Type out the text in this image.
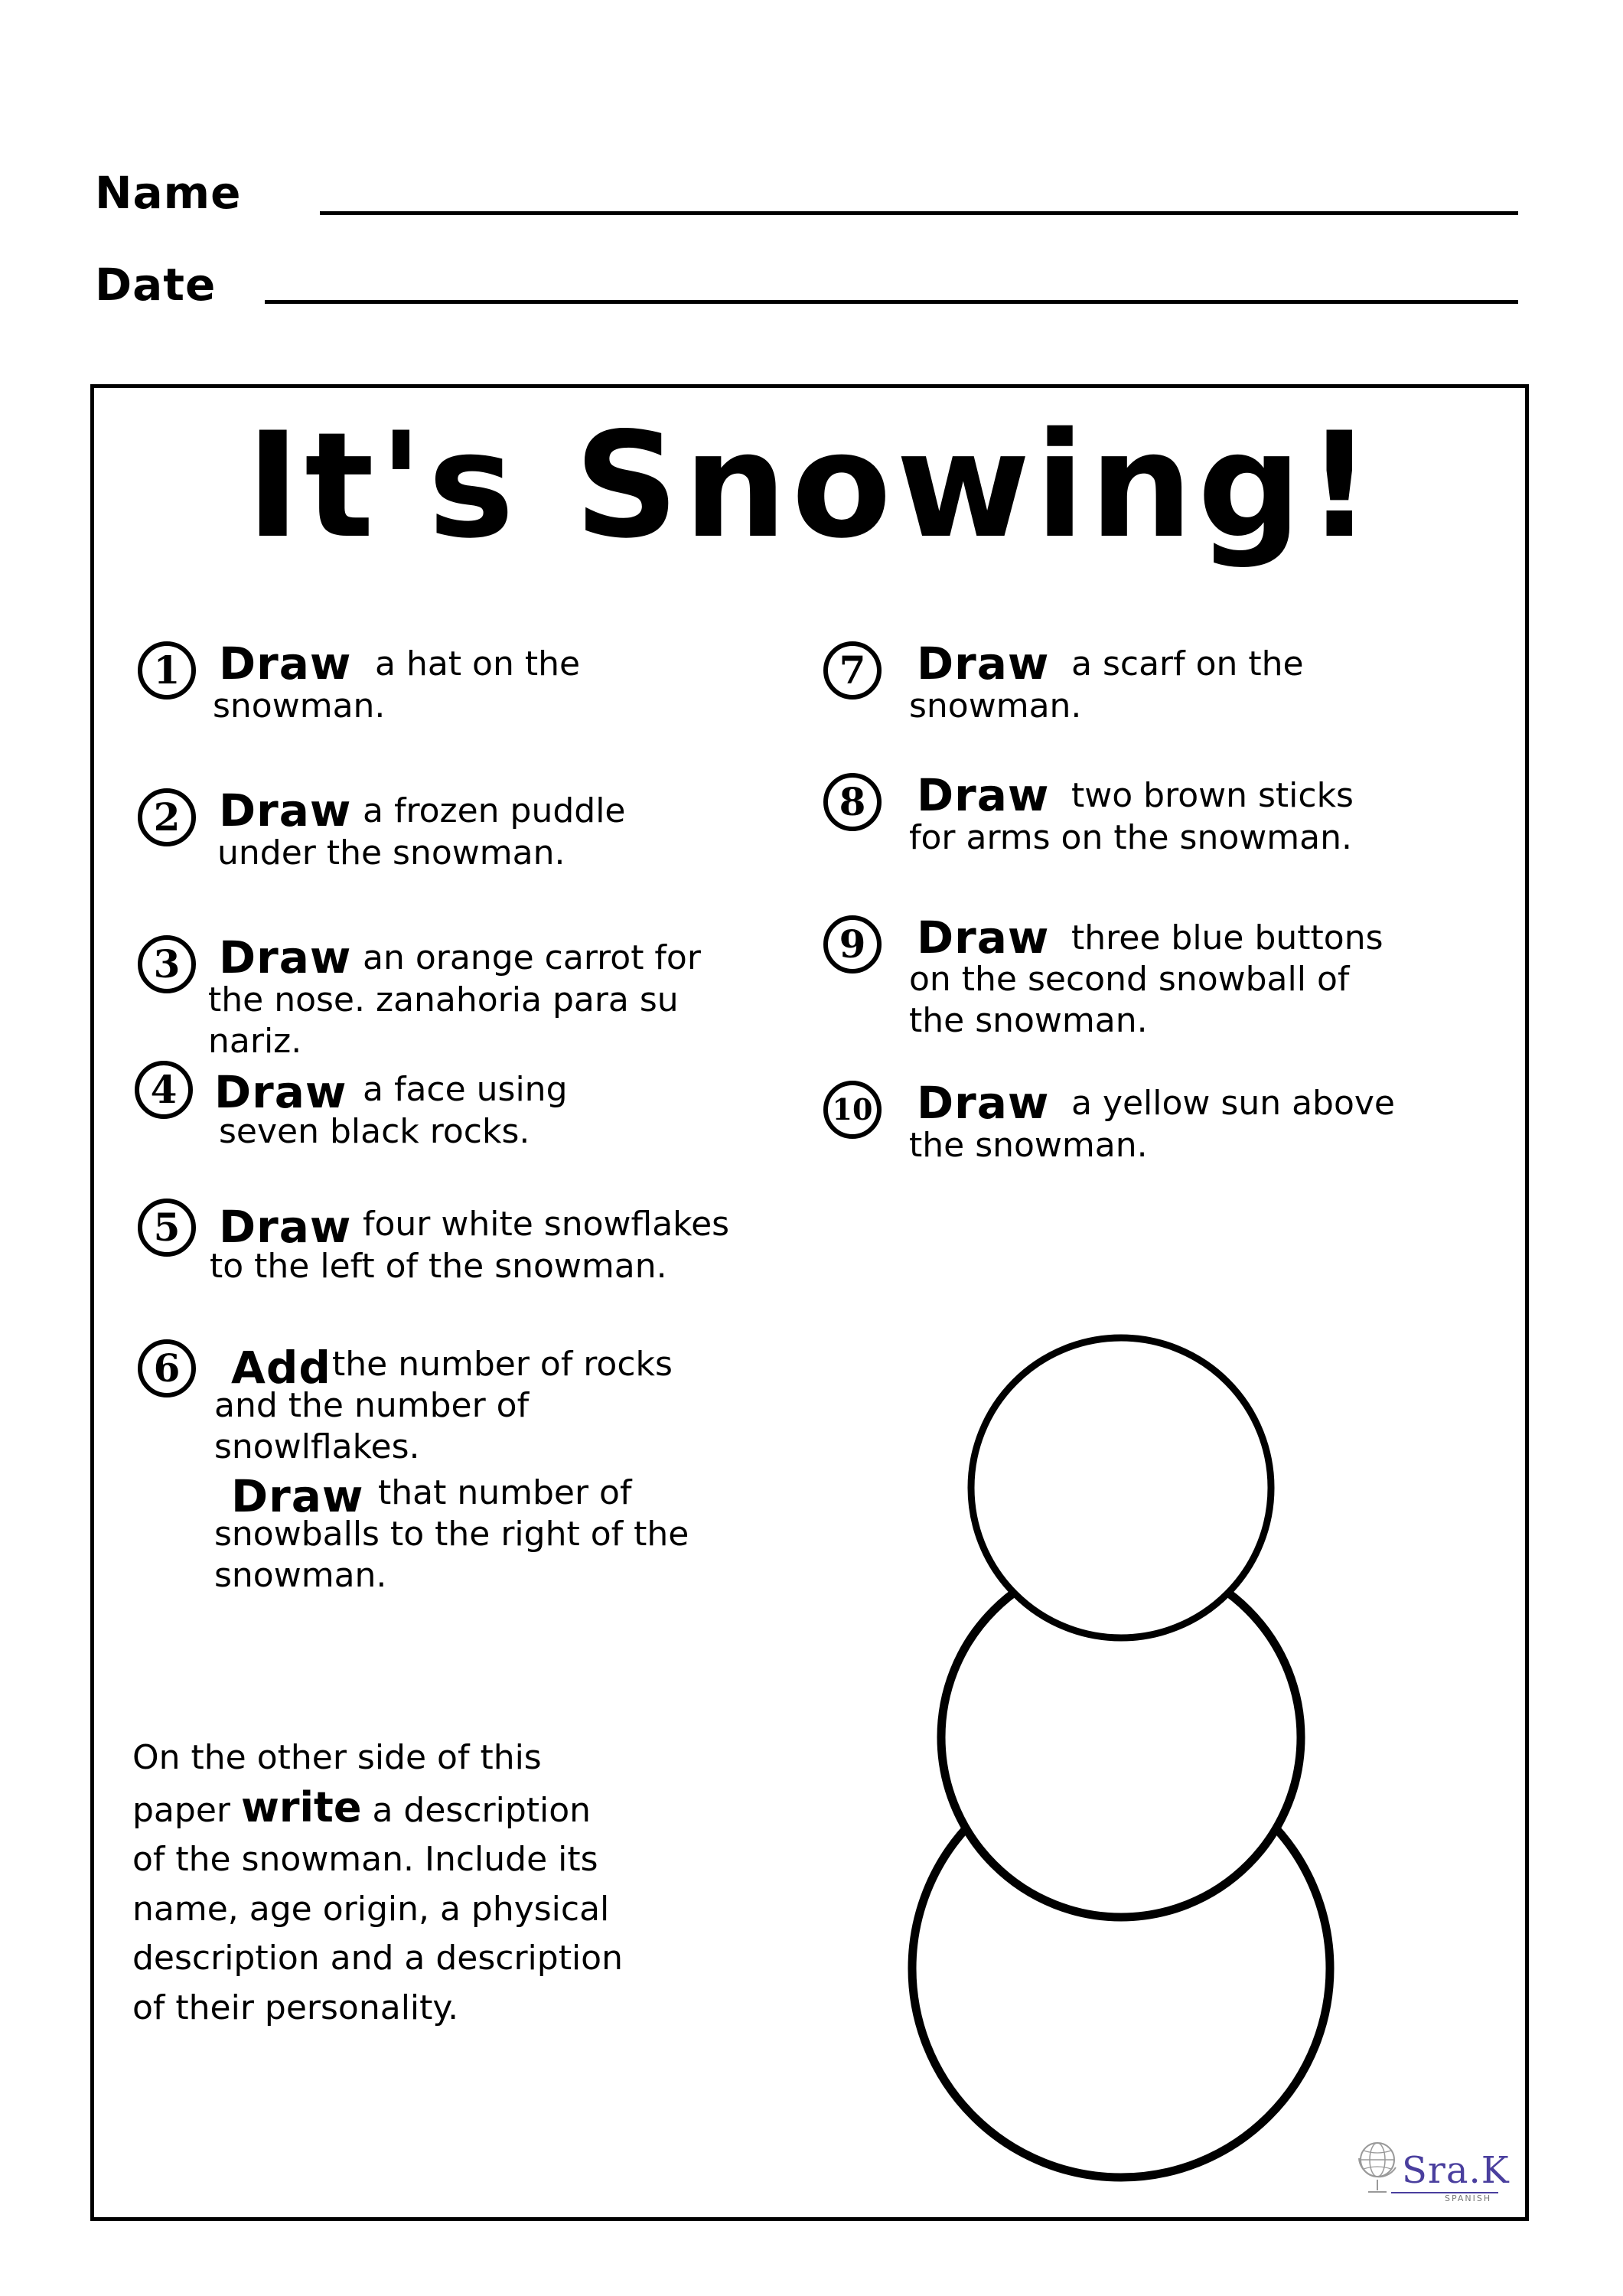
Name
Date
It's Snowing!
1 Draw a hat on the
snowman.
2 Draw a frozen puddle
under the snowman.
3 Draw an orange carrot for
the nose. zanahoria para su
nariz.
4 Draw a face using
seven black rocks.
5 Draw four white snowflakes
to the left of the snowman.
6	Add the number of rocks
and the number of
snowlflakes.
Draw that number of
snowballs to the right of the
snowman.
7	Draw a scarf on the
snowman.
8	Draw two brown sticks
for arms on the snowman.
9	Draw three blue buttons
on the second snowball of
the snowman.
10 Draw a yellow sun above
the snowman.
On the other side of this
paper write a description
of the snowman. Include its
name, age origin, a physical
description and a description
of their personality.
Sra.K
SPANISH
